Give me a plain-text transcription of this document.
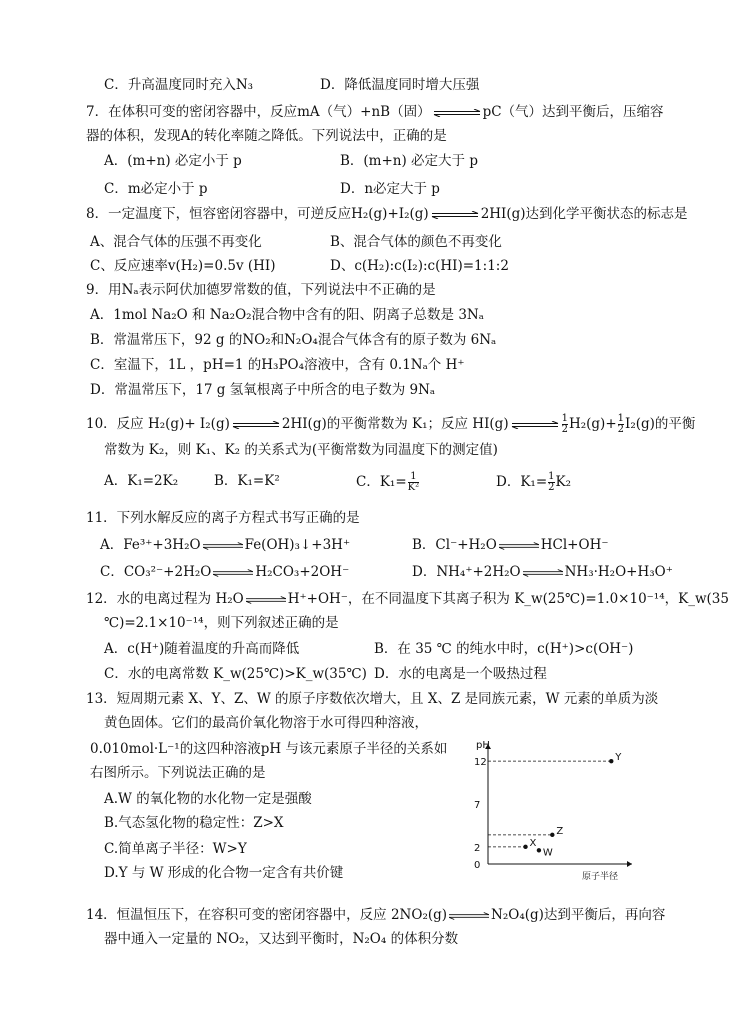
C．升高温度同时充入N₃	D．降低温度同时增大压强
7．在体积可变的密闭容器中，反应mA（气）+nB（固）	pC（气）达到平衡后，压缩容
器的体积，发现A的转化率随之降低。下列说法中，正确的是
A．(m+n) 必定小于 p	B．(m+n) 必定大于 p
C．m必定小于 p	D．n必定大于 p
8．一定温度下，恒容密闭容器中，可逆反应H₂(g)+I₂(g)	2HI(g)达到化学平衡状态的标志是
A、混合气体的压强不再变化	B、混合气体的颜色不再变化
C、反应速率v(H₂)=0.5v (HI)	D、c(H₂):c(I₂):c(HI)=1:1:2
9．用Nₐ表示阿伏加德罗常数的值，下列说法中不正确的是
A．1mol Na₂O 和 Na₂O₂混合物中含有的阳、阴离子总数是 3Nₐ
B．常温常压下，92 g 的NO₂和N₂O₄混合气体含有的原子数为 6Nₐ
C．室温下，1L ，pH=1 的H₃PO₄溶液中，含有 0.1Nₐ个 H⁺
D．常温常压下，17 g 氢氧根离子中所含的电子数为 9Nₐ
10．反应 H₂(g)+ I₂(g)	2HI(g)的平衡常数为 K₁；反应 HI(g)	$\frac{1}{2} H_2(g)+ \frac{1}{2} I_2(g)$的平衡
常数为 K₂，则 K₁、K₂ 的关系式为(平衡常数为同温度下的测定值)
A．K₁=2K₂	B．K₁=K²	C．$K_1= \frac{1}{\text{K²}}$	D．$K_1= \frac{1}{2} K_2$
11．下列水解反应的离子方程式书写正确的是
A．Fe³⁺+3H₂O	Fe(OH)₃↓+3H⁺	B．Cl⁻+H₂O	HCl+OH⁻
C．CO₃²⁻+2H₂O	H₂CO₃+2OH⁻	D．NH₄⁺+2H₂O	NH₃·H₂O+H₃O⁺
12．水的电离过程为 H₂O	H⁺+OH⁻，在不同温度下其离子积为 K_w(25℃)=1.0×10⁻¹⁴，K_w(35
℃)=2.1×10⁻¹⁴，则下列叙述正确的是
A．c(H⁺)随着温度的升高而降低	B．在 35 ℃ 的纯水中时，c(H⁺)>c(OH⁻)
C．水的电离常数 K_w(25℃)>K_w(35℃) D．水的电离是一个吸热过程
13．短周期元素 X、Y、Z、W 的原子序数依次增大，且 X、Z 是同族元素，W 元素的单质为淡
黄色固体。它们的最高价氧化物溶于水可得四种溶液，
0.010mol·L⁻¹的这四种溶液pH 与该元素原子半径的关系如
右图所示。下列说法正确的是
A.W 的氧化物的水化物一定是强酸
B.气态氢化物的稳定性：Z>X
C.简单离子半径：W>Y
D.Y 与 W 形成的化合物一定含有共价键
pH
原子半径
0
2
7
12
X
W
Z
Y
14．恒温恒压下，在容积可变的密闭容器中，反应 2NO₂(g)	N₂O₄(g)达到平衡后，再向容
器中通入一定量的 NO₂，又达到平衡时，N₂O₄ 的体积分数
